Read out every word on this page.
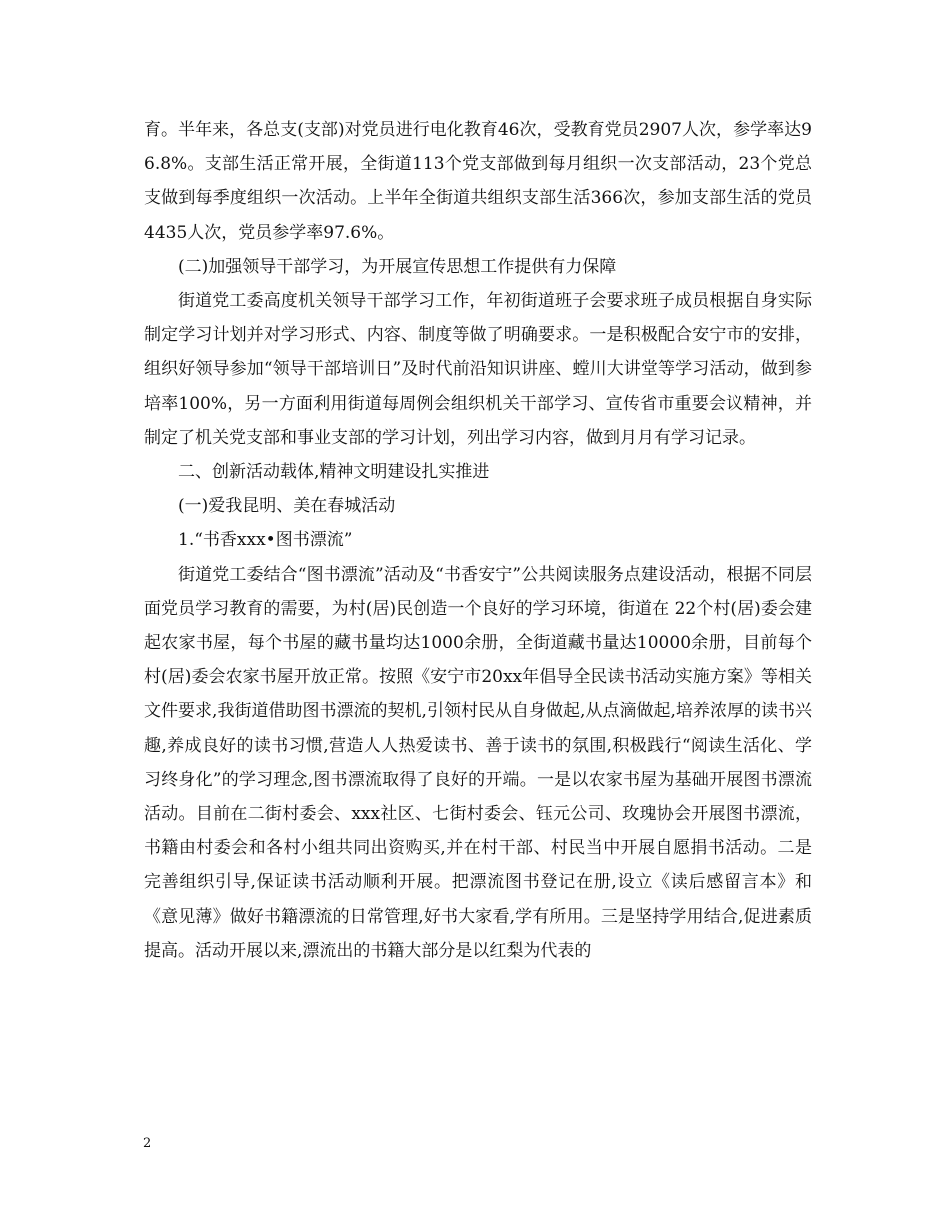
育。半年来，各总支(支部)对党员进行电化教育46次，受教育党员2907人次，参学率达96.8%。支部生活正常开展，全街道113个党支部做到每月组织一次支部活动，23个党总支做到每季度组织一次活动。上半年全街道共组织支部生活366次，参加支部生活的党员4435人次，党员参学率97.6%。

(二)加强领导干部学习，为开展宣传思想工作提供有力保障

街道党工委高度机关领导干部学习工作，年初街道班子会要求班子成员根据自身实际制定学习计划并对学习形式、内容、制度等做了明确要求。一是积极配合安宁市的安排，组织好领导参加“领导干部培训日”及时代前沿知识讲座、螳川大讲堂等学习活动，做到参培率100%，另一方面利用街道每周例会组织机关干部学习、宣传省市重要会议精神，并制定了机关党支部和事业支部的学习计划，列出学习内容，做到月月有学习记录。

二、创新活动载体,精神文明建设扎实推进

(一)爱我昆明、美在春城活动

1.“书香xxx•图书漂流”

街道党工委结合“图书漂流”活动及“书香安宁”公共阅读服务点建设活动，根据不同层面党员学习教育的需要，为村(居)民创造一个良好的学习环境，街道在 22个村(居)委会建起农家书屋，每个书屋的藏书量均达1000余册，全街道藏书量达10000余册，目前每个村(居)委会农家书屋开放正常。按照《安宁市20xx年倡导全民读书活动实施方案》等相关文件要求,我街道借助图书漂流的契机,引领村民从自身做起,从点滴做起,培养浓厚的读书兴趣,养成良好的读书习惯,营造人人热爱读书、善于读书的氛围,积极践行“阅读生活化、学习终身化”的学习理念,图书漂流取得了良好的开端。一是以农家书屋为基础开展图书漂流活动。目前在二街村委会、xxx社区、七街村委会、钰元公司、玫瑰协会开展图书漂流，书籍由村委会和各村小组共同出资购买,并在村干部、村民当中开展自愿捐书活动。二是完善组织引导,保证读书活动顺利开展。把漂流图书登记在册,设立《读后感留言本》和《意见薄》做好书籍漂流的日常管理,好书大家看,学有所用。三是坚持学用结合,促进素质提高。活动开展以来,漂流出的书籍大部分是以红梨为代表的

2
